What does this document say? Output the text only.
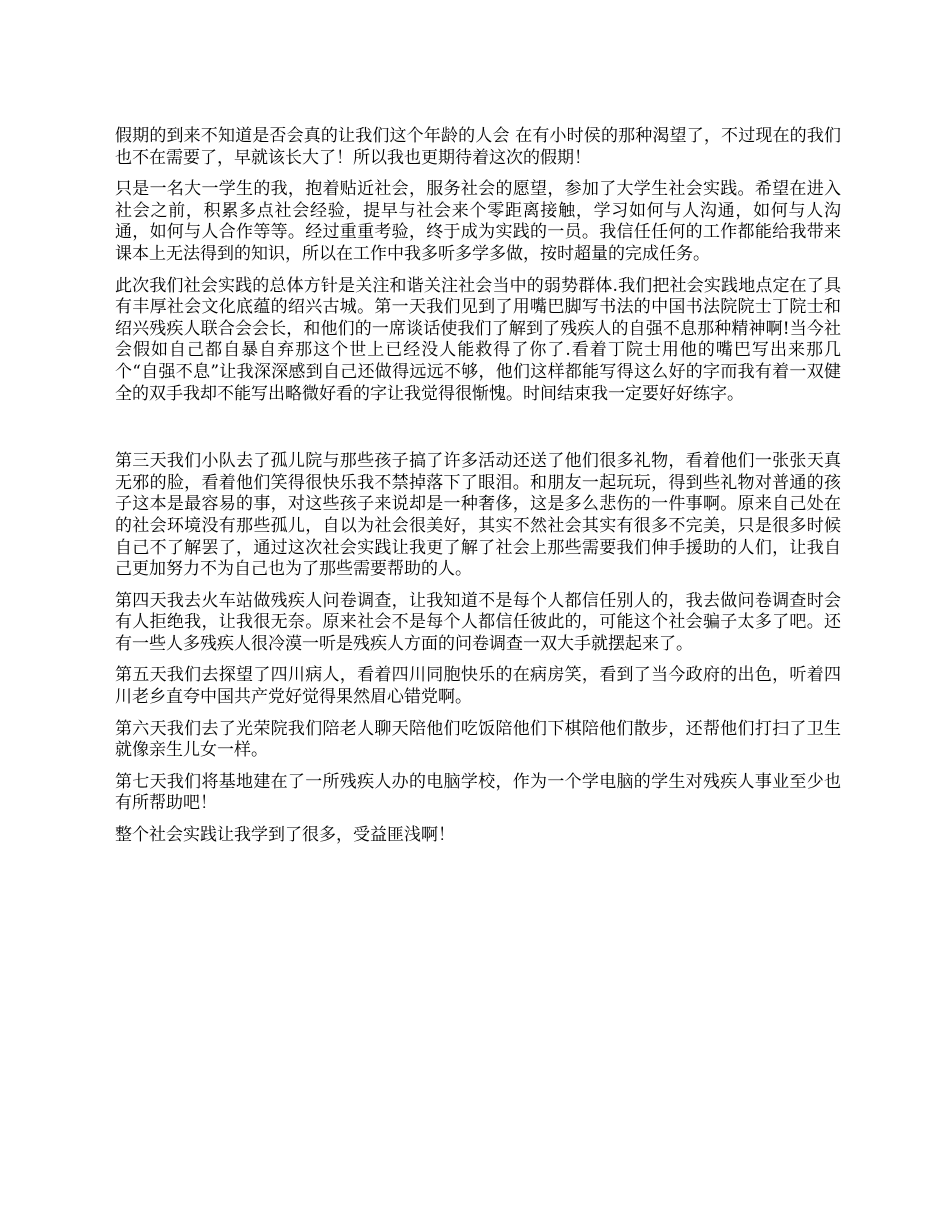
假期的到来不知道是否会真的让我们这个年龄的人会 在有小时侯的那种渴望了，不过现在的我们也不在需要了，早就该长大了！所以我也更期待着这次的假期！

只是一名大一学生的我，抱着贴近社会，服务社会的愿望，参加了大学生社会实践。希望在进入社会之前，积累多点社会经验，提早与社会来个零距离接触，学习如何与人沟通，如何与人沟通，如何与人合作等等。经过重重考验，终于成为实践的一员。我信任任何的工作都能给我带来课本上无法得到的知识，所以在工作中我多听多学多做，按时超量的完成任务。

此次我们社会实践的总体方针是关注和谐关注社会当中的弱势群体.我们把社会实践地点定在了具有丰厚社会文化底蕴的绍兴古城。第一天我们见到了用嘴巴脚写书法的中国书法院院士丁院士和绍兴残疾人联合会会长，和他们的一席谈话使我们了解到了残疾人的自强不息那种精神啊!当今社会假如自己都自暴自弃那这个世上已经没人能救得了你了.看着丁院士用他的嘴巴写出来那几个“自强不息”让我深深感到自己还做得远远不够，他们这样都能写得这么好的字而我有着一双健全的双手我却不能写出略微好看的字让我觉得很惭愧。时间结束我一定要好好练字。

第三天我们小队去了孤儿院与那些孩子搞了许多活动还送了他们很多礼物，看着他们一张张天真无邪的脸，看着他们笑得很快乐我不禁掉落下了眼泪。和朋友一起玩玩，得到些礼物对普通的孩子这本是最容易的事，对这些孩子来说却是一种奢侈，这是多么悲伤的一件事啊。原来自己处在的社会环境没有那些孤儿，自以为社会很美好，其实不然社会其实有很多不完美，只是很多时候自己不了解罢了，通过这次社会实践让我更了解了社会上那些需要我们伸手援助的人们，让我自己更加努力不为自己也为了那些需要帮助的人。

第四天我去火车站做残疾人问卷调查，让我知道不是每个人都信任别人的，我去做问卷调查时会有人拒绝我，让我很无奈。原来社会不是每个人都信任彼此的，可能这个社会骗子太多了吧。还有一些人多残疾人很冷漠一听是残疾人方面的问卷调查一双大手就摆起来了。

第五天我们去探望了四川病人，看着四川同胞快乐的在病房笑，看到了当今政府的出色，听着四川老乡直夸中国共产党好觉得果然眉心错党啊。

第六天我们去了光荣院我们陪老人聊天陪他们吃饭陪他们下棋陪他们散步，还帮他们打扫了卫生就像亲生儿女一样。

第七天我们将基地建在了一所残疾人办的电脑学校，作为一个学电脑的学生对残疾人事业至少也有所帮助吧！

整个社会实践让我学到了很多，受益匪浅啊！
